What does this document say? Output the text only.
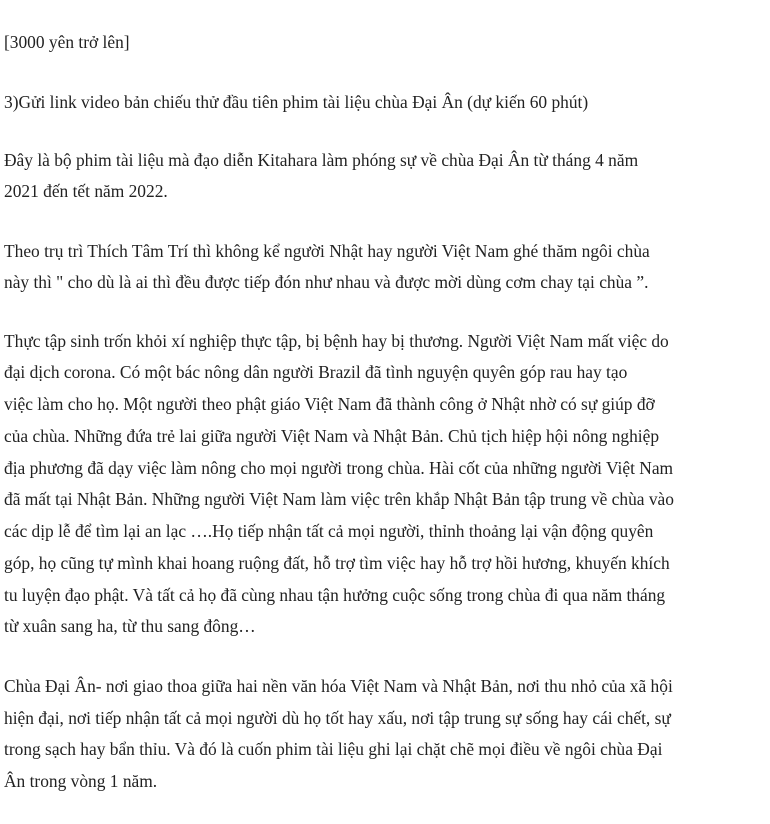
[3000 yên trở lên]
3)Gửi link video bản chiếu thử đầu tiên phim tài liệu chùa Đại Ân (dự kiến 60 phút)
Đây là bộ phim tài liệu mà đạo diễn Kitahara làm phóng sự về chùa Đại Ân từ tháng 4 năm
2021 đến tết năm 2022.
Theo trụ trì Thích Tâm Trí thì không kể người Nhật hay người Việt Nam ghé thăm ngôi chùa
này thì " cho dù là ai thì đều được tiếp đón như nhau và được mời dùng cơm chay tại chùa ”.
Thực tập sinh trốn khỏi xí nghiệp thực tập, bị bệnh hay bị thương. Người Việt Nam mất việc do
đại dịch corona. Có một bác nông dân người Brazil đã tình nguyện quyên góp rau hay tạo
việc làm cho họ. Một người theo phật giáo Việt Nam đã thành công ở Nhật nhờ có sự giúp đỡ
của chùa. Những đứa trẻ lai giữa người Việt Nam và Nhật Bản. Chủ tịch hiệp hội nông nghiệp
địa phương đã dạy việc làm nông cho mọi người trong chùa. Hài cốt của những người Việt Nam
đã mất tại Nhật Bản. Những người Việt Nam làm việc trên khắp Nhật Bản tập trung về chùa vào
các dịp lễ để tìm lại an lạc ….Họ tiếp nhận tất cả mọi người, thỉnh thoảng lại vận động quyên
góp, họ cũng tự mình khai hoang ruộng đất, hỗ trợ tìm việc hay hỗ trợ hồi hương, khuyến khích
tu luyện đạo phật. Và tất cả họ đã cùng nhau tận hưởng cuộc sống trong chùa đi qua năm tháng
từ xuân sang ha, từ thu sang đông…
Chùa Đại Ân- nơi giao thoa giữa hai nền văn hóa Việt Nam và Nhật Bản, nơi thu nhỏ của xã hội
hiện đại, nơi tiếp nhận tất cả mọi người dù họ tốt hay xấu, nơi tập trung sự sống hay cái chết, sự
trong sạch hay bẩn thỉu. Và đó là cuốn phim tài liệu ghi lại chặt chẽ mọi điều về ngôi chùa Đại
Ân trong vòng 1 năm.
